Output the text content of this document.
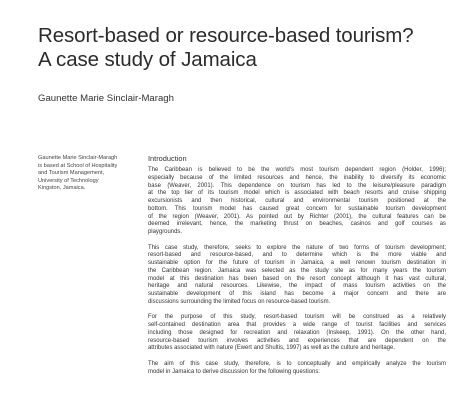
Resort-based or resource-based tourism?
A case study of Jamaica
Gaunette Marie Sinclair-Maragh
Gaunette Marie Sinclair-Maragh
is based at School of Hospitality
and Tourism Management,
University of Technology
Kingston, Jamaica.
Introduction

The Caribbean is believed to be the world's most tourism dependent region (Holder, 1996);
especially because of the limited resources and hence, the inability to diversify its economic
base (Weaver, 2001). This dependence on tourism has led to the leisure/pleasure paradigm
at the top tier of its tourism model which is associated with beach resorts and cruise shipping
excursionists and then historical, cultural and environmental tourism positioned at the
bottom. This tourism model has caused great concern for sustainable tourism development
of the region (Weaver, 2001). As pointed out by Richter (2001), the cultural features can be
deemed irrelevant, hence, the marketing thrust on beaches, casinos and golf courses as
playgrounds.

This case study, therefore, seeks to explore the nature of two forms of tourism development;
resort-based and resource-based, and to determine which is the more viable and
sustainable option for the future of tourism in Jamaica, a well renown tourism destination in
the Caribbean region. Jamaica was selected as the study site as for many years the tourism
model at this destination has been based on the resort concept although it has vast cultural,
heritage and natural resources. Likewise, the impact of mass tourism activities on the
sustainable development of this island has become a major concern and there are
discussions surrounding the limited focus on resource-based tourism.

For the purpose of this study, resort-based tourism will be construed as a relatively
self-contained destination area that provides a wide range of tourist facilities and services
including those designed for recreation and relaxation (Inskeep, 1991). On the other hand,
resource-based tourism involves activities and experiences that are dependent on the
attributes associated with nature (Ewert and Shultis, 1997) as well as the culture and heritage.

The aim of this case study, therefore, is to conceptually and empirically analyze the tourism
model in Jamaica to derive discussion for the following questions:
